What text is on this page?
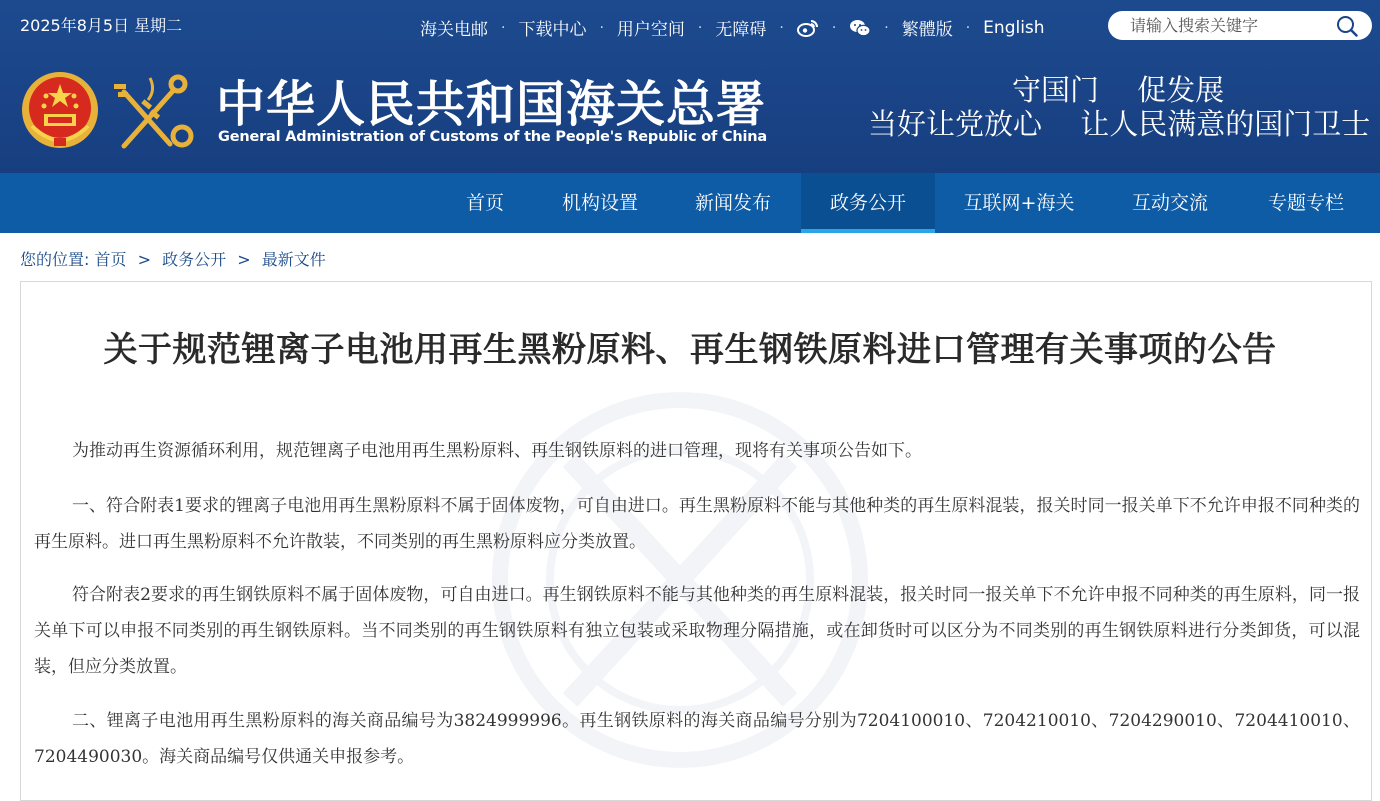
2025年8月5日 星期二	海关电邮 · 下载中心 · 用户空间 · 无障碍 ·	·	· 繁體版 · English
请输入搜索关键字
中华人民共和国海关总署
General Administration of Customs of the People's Republic of China
守国门　 促发展
当好让党放心　 让人民满意的国门卫士
首页	机构设置	新闻发布	政务公开	互联网+海关	互动交流	专题专栏
您的位置: 首页 > 政务公开 > 最新文件
关于规范锂离子电池用再生黑粉原料、再生钢铁原料进口管理有关事项的公告

为推动再生资源循环利用，规范锂离子电池用再生黑粉原料、再生钢铁原料的进口管理，现将有关事项公告如下。

一、符合附表1要求的锂离子电池用再生黑粉原料不属于固体废物，可自由进口。再生黑粉原料不能与其他种类的再生原料混装，报关时同一报关单下不允许申报不同种类的再生原料。进口再生黑粉原料不允许散装，不同类别的再生黑粉原料应分类放置。

符合附表2要求的再生钢铁原料不属于固体废物，可自由进口。再生钢铁原料不能与其他种类的再生原料混装，报关时同一报关单下不允许申报不同种类的再生原料，同一报关单下可以申报不同类别的再生钢铁原料。当不同类别的再生钢铁原料有独立包装或采取物理分隔措施，或在卸货时可以区分为不同类别的再生钢铁原料进行分类卸货，可以混装，但应分类放置。

二、锂离子电池用再生黑粉原料的海关商品编号为3824999996。再生钢铁原料的海关商品编号分别为7204100010、7204210010、7204290010、7204410010、7204490030。海关商品编号仅供通关申报参考。
